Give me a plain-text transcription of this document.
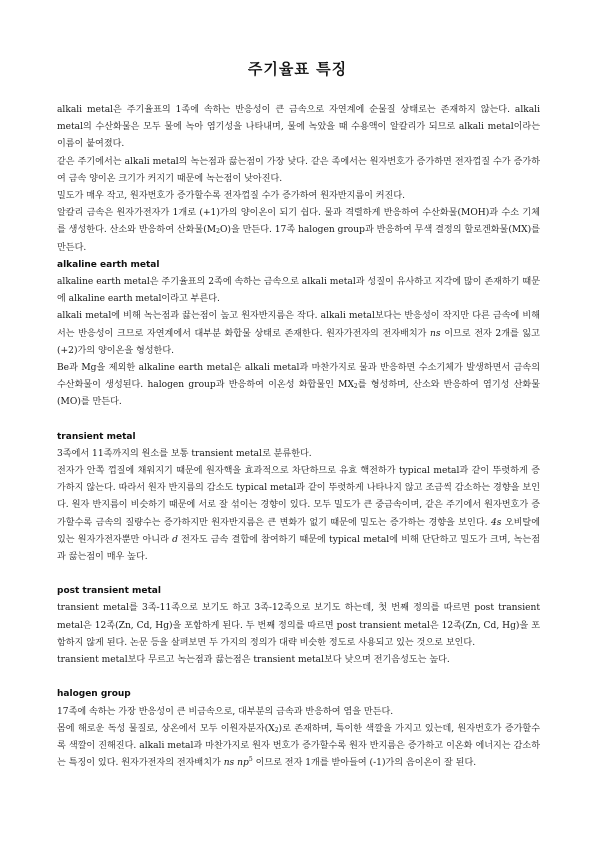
주기율표 특징

alkali metal은 주기율표의 1족에 속하는 반응성이 큰 금속으로 자연계에 순물질 상태로는 존재하지 않는다. alkali metal의 수산화물은 모두 물에 녹아 염기성을 나타내며, 물에 녹았을 때 수용액이 알칼리가 되므로 alkali metal이라는 이름이 붙여졌다.

같은 주기에서는 alkali metal의 녹는점과 끓는점이 가장 낮다. 같은 족에서는 원자번호가 증가하면 전자껍질 수가 증가하여 금속 양이온 크기가 커지기 때문에 녹는점이 낮아진다.

밀도가 매우 작고, 원자번호가 증가할수록 전자껍질 수가 증가하여 원자반지름이 커진다.

알칼리 금속은 원자가전자가 1개로 (+1)가의 양이온이 되기 쉽다. 물과 격렬하게 반응하여 수산화물(MOH)과 수소 기체를 생성한다. 산소와 반응하여 산화물$(M_2O)$을 만든다. 17족 halogen group과 반응하여 무색 결정의 할로겐화물(MX)를 만든다.

alkaline earth metal

alkaline earth metal은 주기율표의 2족에 속하는 금속으로 alkali metal과 성질이 유사하고 지각에 많이 존재하기 때문에 alkaline earth metal이라고 부른다.

alkali metal에 비해 녹는점과 끓는점이 높고 원자반지름은 작다. alkali metal보다는 반응성이 작지만 다른 금속에 비해서는 반응성이 크므로 자연계에서 대부분 화합물 상태로 존재한다. 원자가전자의 전자배치가 ns 이므로 전자 2개를 잃고 (+2)가의 양이온을 형성한다.

Be과 Mg을 제외한 alkaline earth metal은 alkali metal과 마찬가지로 물과 반응하면 수소기체가 발생하면서 금속의 수산화물이 생성된다. halogen group과 반응하여 이온성 화합물인 $MX_2$를 형성하며, 산소와 반응하여 염기성 산화물(MO)를 만든다.

transient metal

3족에서 11족까지의 원소를 보통 transient metal로 분류한다.

전자가 안쪽 껍질에 채워지기 때문에 원자핵을 효과적으로 차단하므로 유효 핵전하가 typical metal과 같이 뚜렷하게 증가하지 않는다. 따라서 원자 반지름의 감소도 typical metal과 같이 뚜렷하게 나타나지 않고 조금씩 감소하는 경향을 보인다. 원자 반지름이 비슷하기 때문에 서로 잘 섞이는 경향이 있다. 모두 밀도가 큰 중금속이며, 같은 주기에서 원자번호가 증가할수록 금속의 질량수는 증가하지만 원자반지름은 큰 변화가 없기 때문에 밀도는 증가하는 경향을 보인다. 4s 오비탈에 있는 원자가전자뿐만 아니라 d 전자도 금속 결합에 참여하기 때문에 typical metal에 비해 단단하고 밀도가 크며, 녹는점과 끓는점이 매우 높다.

post transient metal

transient metal를 3족-11족으로 보기도 하고 3족-12족으로 보기도 하는데, 첫 번째 정의를 따르면 post transient metal은 12족(Zn, Cd, Hg)을 포함하게 된다. 두 번째 정의를 따르면 post transient metal은 12족(Zn, Cd, Hg)을 포함하지 않게 된다. 논문 등을 살펴보면 두 가지의 정의가 대략 비슷한 정도로 사용되고 있는 것으로 보인다.

transient metal보다 무르고 녹는점과 끓는점은 transient metal보다 낮으며 전기음성도는 높다.

halogen group

17족에 속하는 가장 반응성이 큰 비금속으로, 대부분의 금속과 반응하여 염을 만든다.

몸에 해로운 독성 물질로, 상온에서 모두 이원자분자$(X_2)$로 존재하며, 특이한 색깔을 가지고 있는데, 원자번호가 증가할수록 색깔이 진해진다. alkali metal과 마찬가지로 원자 번호가 증가할수록 원자 반지름은 증가하고 이온화 에너지는 감소하는 특징이 있다. 원자가전자의 전자배치가 ns $np^5$ 이므로 전자 1개를 받아들여 (-1)가의 음이온이 잘 된다.
